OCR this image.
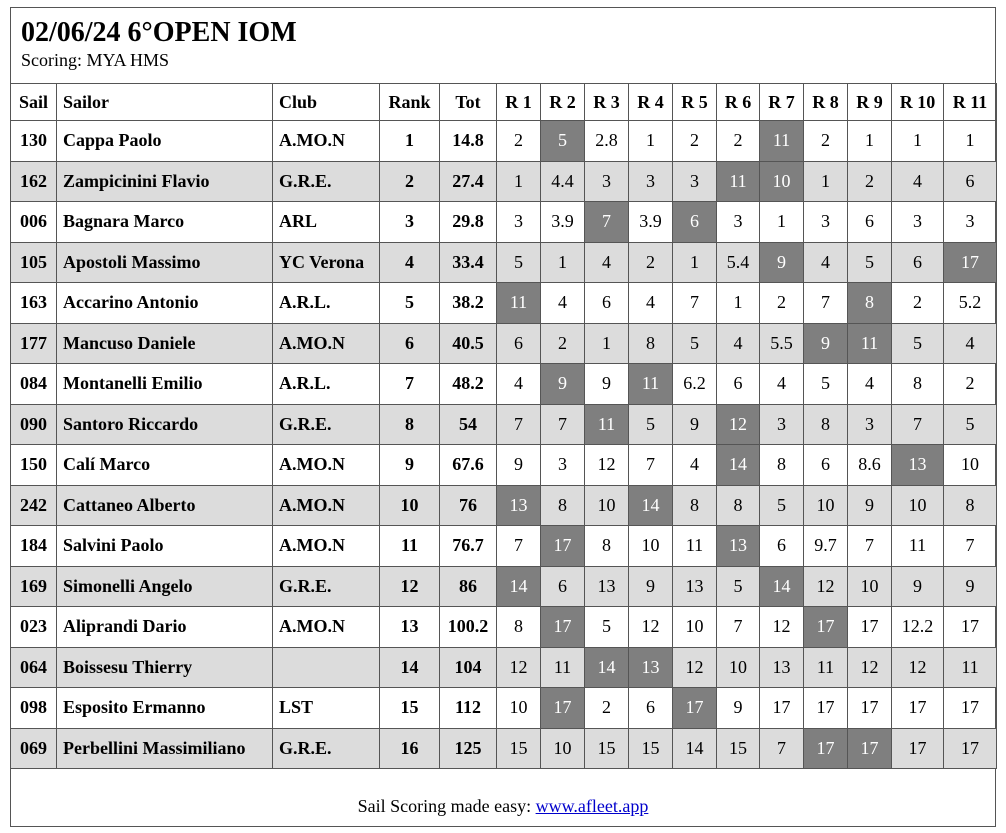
02/06/24 6°OPEN IOM
Scoring: MYA HMS
Sail	Sailor	Club	Rank	Tot	R 1	R 2	R 3	R 4	R 5	R 6	R 7	R 8	R 9	R 10	R 11
130	Cappa Paolo	A.MO.N	1	14.8	2	5	2.8	1	2	2	11	2	1	1	1
162	Zampicinini Flavio	G.R.E.	2	27.4	1	4.4	3	3	3	11	10	1	2	4	6
006	Bagnara Marco	ARL	3	29.8	3	3.9	7	3.9	6	3	1	3	6	3	3
105	Apostoli Massimo	YC Verona	4	33.4	5	1	4	2	1	5.4	9	4	5	6	17
163	Accarino Antonio	A.R.L.	5	38.2	11	4	6	4	7	1	2	7	8	2	5.2
177	Mancuso Daniele	A.MO.N	6	40.5	6	2	1	8	5	4	5.5	9	11	5	4
084	Montanelli Emilio	A.R.L.	7	48.2	4	9	9	11	6.2	6	4	5	4	8	2
090	Santoro Riccardo	G.R.E.	8	54	7	7	11	5	9	12	3	8	3	7	5
150	Calí Marco	A.MO.N	9	67.6	9	3	12	7	4	14	8	6	8.6	13	10
242	Cattaneo Alberto	A.MO.N	10	76	13	8	10	14	8	8	5	10	9	10	8
184	Salvini Paolo	A.MO.N	11	76.7	7	17	8	10	11	13	6	9.7	7	11	7
169	Simonelli Angelo	G.R.E.	12	86	14	6	13	9	13	5	14	12	10	9	9
023	Aliprandi Dario	A.MO.N	13	100.2	8	17	5	12	10	7	12	17	17	12.2	17
064	Boissesu Thierry		14	104	12	11	14	13	12	10	13	11	12	12	11
098	Esposito Ermanno	LST	15	112	10	17	2	6	17	9	17	17	17	17	17
069	Perbellini Massimiliano	G.R.E.	16	125	15	10	15	15	14	15	7	17	17	17	17
Sail Scoring made easy: www.afleet.app
